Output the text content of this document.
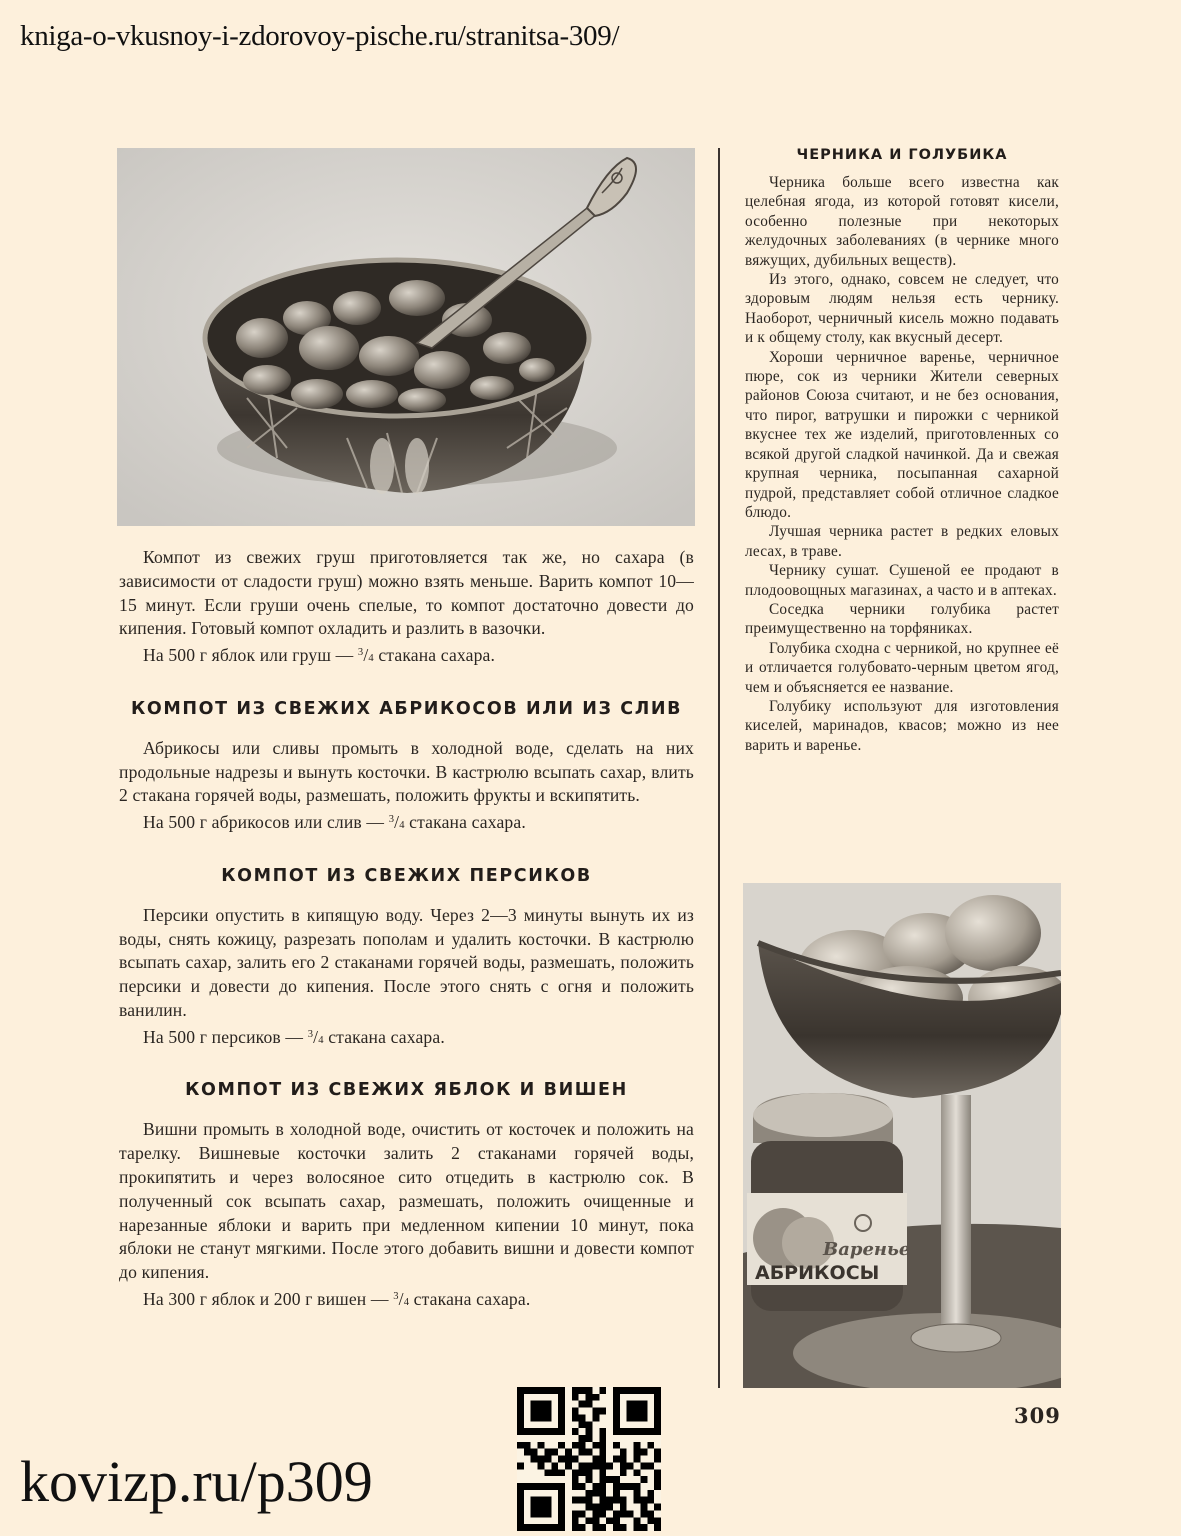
kniga-o-vkusnoy-i-zdorovoy-pische.ru/stranitsa-309/

Компот из свежих груш приготовляется так же, но сахара (в зависимости от сладости груш) можно взять меньше. Варить компот 10—15 минут. Если груши очень спелые, то компот достаточно довести до кипения. Готовый компот охладить и разлить в вазочки.

На 500 г яблок или груш — $^3$/4 стакана сахара.

КОМПОТ ИЗ СВЕЖИХ АБРИКОСОВ ИЛИ ИЗ СЛИВ

Абрикосы или сливы промыть в холодной воде, сделать на них продольные надрезы и вынуть косточки. В кастрюлю всыпать сахар, влить 2 стакана горячей воды, размешать, положить фрукты и вскипятить.

На 500 г абрикосов или слив — $^3$/4 стакана сахара.

КОМПОТ ИЗ СВЕЖИХ ПЕРСИКОВ

Персики опустить в кипящую воду. Через 2—3 минуты вынуть их из воды, снять кожицу, разрезать пополам и удалить косточки. В кастрюлю всыпать сахар, залить его 2 стаканами горячей воды, размешать, положить персики и довести до кипения. После этого снять с огня и положить ванилин.

На 500 г персиков — $^3$/4 стакана сахара.

КОМПОТ ИЗ СВЕЖИХ ЯБЛОК И ВИШЕН

Вишни промыть в холодной воде, очистить от косточек и положить на тарелку. Вишневые косточки залить 2 стаканами горячей воды, прокипятить и через волосяное сито отцедить в кастрюлю сок. В полученный сок всыпать сахар, размешать, положить очищенные и нарезанные яблоки и варить при медленном кипении 10 минут, пока яблоки не станут мягкими. После этого добавить вишни и довести компот до кипения.

На 300 г яблок и 200 г вишен — $^3$/4 стакана сахара.

ЧЕРНИКА И ГОЛУБИКА

Черника больше всего известна как целебная ягода, из которой готовят кисели, особенно полезные при некоторых желудочных заболеваниях (в чернике много вяжущих, дубильных веществ).

Из этого, однако, совсем не следует, что здоровым людям нельзя есть чернику. Наоборот, черничный кисель можно подавать и к общему столу, как вкусный десерт.

Хороши черничное варенье, черничное пюре, сок из черники Жители северных районов Союза считают, и не без основания, что пирог, ватрушки и пирожки с черникой вкуснее тех же изделий, приготовленных со всякой другой сладкой начинкой. Да и свежая крупная черника, посыпанная сахарной пудрой, представляет собой отличное сладкое блюдо.

Лучшая черника растет в редких еловых лесах, в траве.

Чернику сушат. Сушеной ее продают в плодоовощных магазинах, а часто и в аптеках.

Соседка черники голубика растет преимущественно на торфяниках.

Голубика сходна с черникой, но крупнее её и отличается голубовато-черным цветом ягод, чем и объясняется ее название.

Голубику используют для изготовления киселей, маринадов, квасов; можно из нее варить и варенье.

Варенье
АБРИКОСЫ
309
kovizp.ru/p309
